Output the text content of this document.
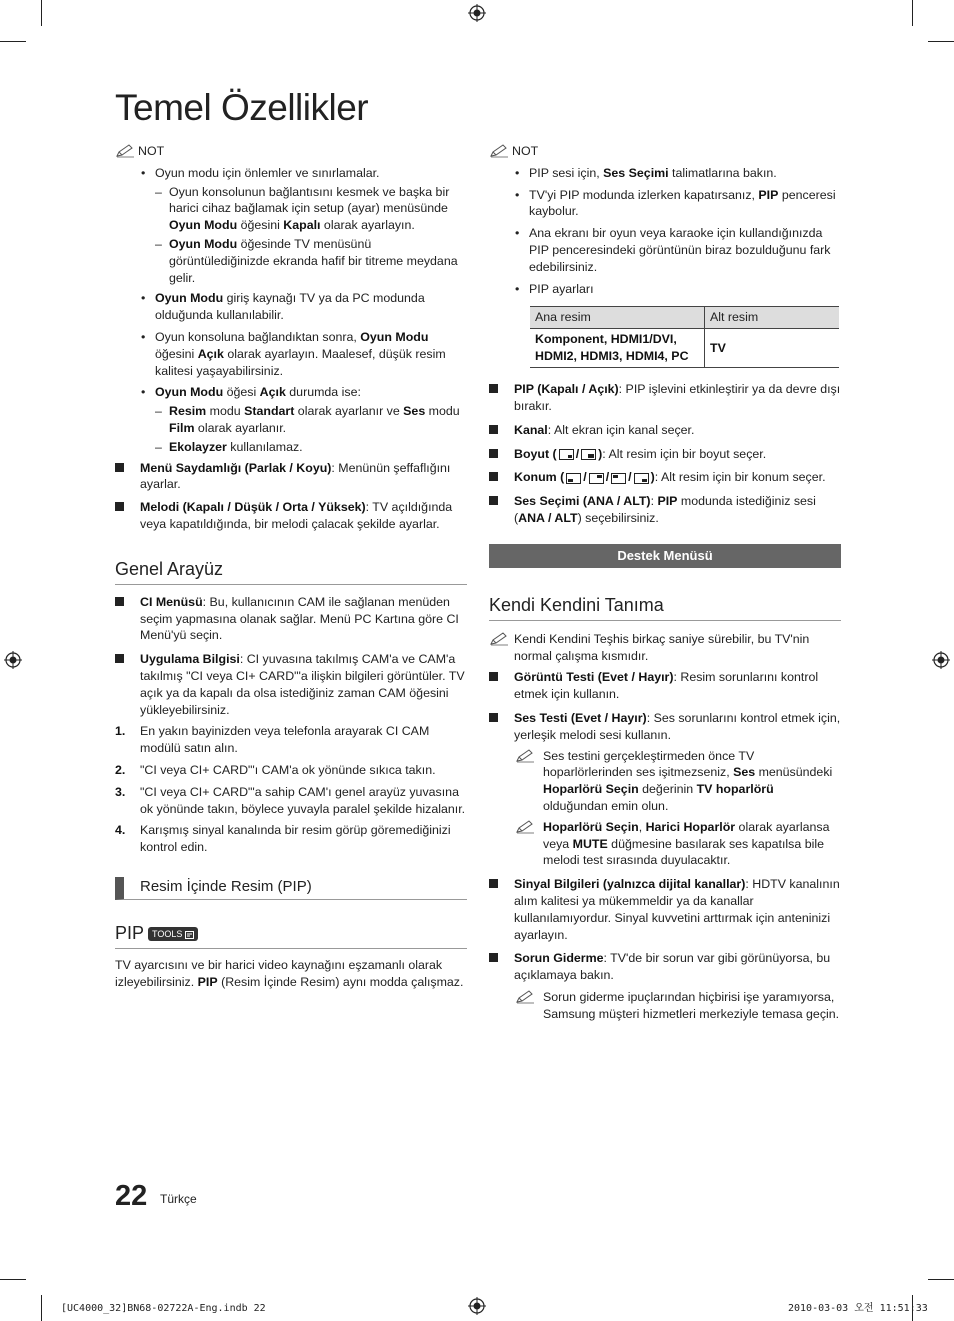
Temel Özellikler
NOT
• Oyun modu için önlemler ve sınırlamalar.
– Oyun konsolunun bağlantısını kesmek ve başka bir harici cihaz bağlamak için setup (ayar) menüsünde Oyun Modu öğesini Kapalı olarak ayarlayın.
– Oyun Modu öğesinde TV menüsünü görüntülediğinizde ekranda hafif bir titreme meydana gelir.
• Oyun Modu giriş kaynağı TV ya da PC modunda olduğunda kullanılabilir.
• Oyun konsoluna bağlandıktan sonra, Oyun Modu öğesini Açık olarak ayarlayın. Maalesef, düşük resim kalitesi yaşayabilirsiniz.
• Oyun Modu öğesi Açık durumda ise:
– Resim modu Standart olarak ayarlanır ve Ses modu Film olarak ayarlanır.
– Ekolayzer kullanılamaz.
Menü Saydamlığı (Parlak / Koyu): Menünün şeffaflığını ayarlar.
Melodi (Kapalı / Düşük / Orta / Yüksek): TV açıldığında veya kapatıldığında, bir melodi çalacak şekilde ayarlar.
Genel Arayüz
CI Menüsü: Bu, kullanıcının CAM ile sağlanan menüden seçim yapmasına olanak sağlar. Menü PC Kartına göre CI Menü'yü seçin.
Uygulama Bilgisi: CI yuvasına takılmış CAM'a ve CAM'a takılmış "CI veya CI+ CARD"'a ilişkin bilgileri görüntüler. TV açık ya da kapalı da olsa istediğiniz zaman CAM öğesini yükleyebilirsiniz.
1. En yakın bayinizden veya telefonla arayarak CI CAM modülü satın alın.
2. "CI veya CI+ CARD"'ı CAM'a ok yönünde sıkıca takın.
3. "CI veya CI+ CARD"'a sahip CAM'ı genel arayüz yuvasına ok yönünde takın, böylece yuvayla paralel şekilde hizalanır.
4. Karışmış sinyal kanalında bir resim görüp göremediğinizi kontrol edin.
Resim İçinde Resim (PIP)
PIP TOOLS

TV ayarcısını ve bir harici video kaynağını eşzamanlı olarak izleyebilirsiniz. PIP (Resim İçinde Resim) aynı modda çalışmaz.

NOT
• PIP sesi için, Ses Seçimi talimatlarına bakın.
• TV'yi PIP modunda izlerken kapatırsanız, PIP penceresi kaybolur.
• Ana ekranı bir oyun veya karaoke için kullandığınızda PIP penceresindeki görüntünün biraz bozulduğunu fark edebilirsiniz.
• PIP ayarları
Ana resim	Alt resim
Komponent, HDMI1/DVI, HDMI2, HDMI3, HDMI4, PC	TV
PIP (Kapalı / Açık): PIP işlevini etkinleştirir ya da devre dışı bırakır.
Kanal: Alt ekran için kanal seçer.
Boyut ( / ): Alt resim için bir boyut seçer.
Konum ( / / / ): Alt resim için bir konum seçer.
Ses Seçimi (ANA / ALT): PIP modunda istediğiniz sesi (ANA / ALT) seçebilirsiniz.
Destek Menüsü
Kendi Kendini Tanıma
Kendi Kendini Teşhis birkaç saniye sürebilir, bu TV'nin normal çalışma kısmıdır.
Görüntü Testi (Evet / Hayır): Resim sorunlarını kontrol etmek için kullanın.
Ses Testi (Evet / Hayır): Ses sorunlarını kontrol etmek için, yerleşik melodi sesi kullanın.
Ses testini gerçekleştirmeden önce TV hoparlörlerinden ses işitmezseniz, Ses menüsündeki Hoparlörü Seçin değerinin TV hoparlörü olduğundan emin olun.
Hoparlörü Seçin, Harici Hoparlör olarak ayarlansa veya MUTE düğmesine basılarak ses kapatılsa bile melodi test sırasında duyulacaktır.
Sinyal Bilgileri (yalnızca dijital kanallar): HDTV kanalının alım kalitesi ya mükemmeldir ya da kanallar kullanılamıyordur. Sinyal kuvvetini arttırmak için anteninizi ayarlayın.
Sorun Giderme: TV'de bir sorun var gibi görünüyorsa, bu açıklamaya bakın.
Sorun giderme ipuçlarından hiçbirisi işe yaramıyorsa, Samsung müşteri hizmetleri merkeziyle temasa geçin.
22 Türkçe
[UC4000_32]BN68-02722A-Eng.indb 22	2010-03-03 오전 11:51:33
